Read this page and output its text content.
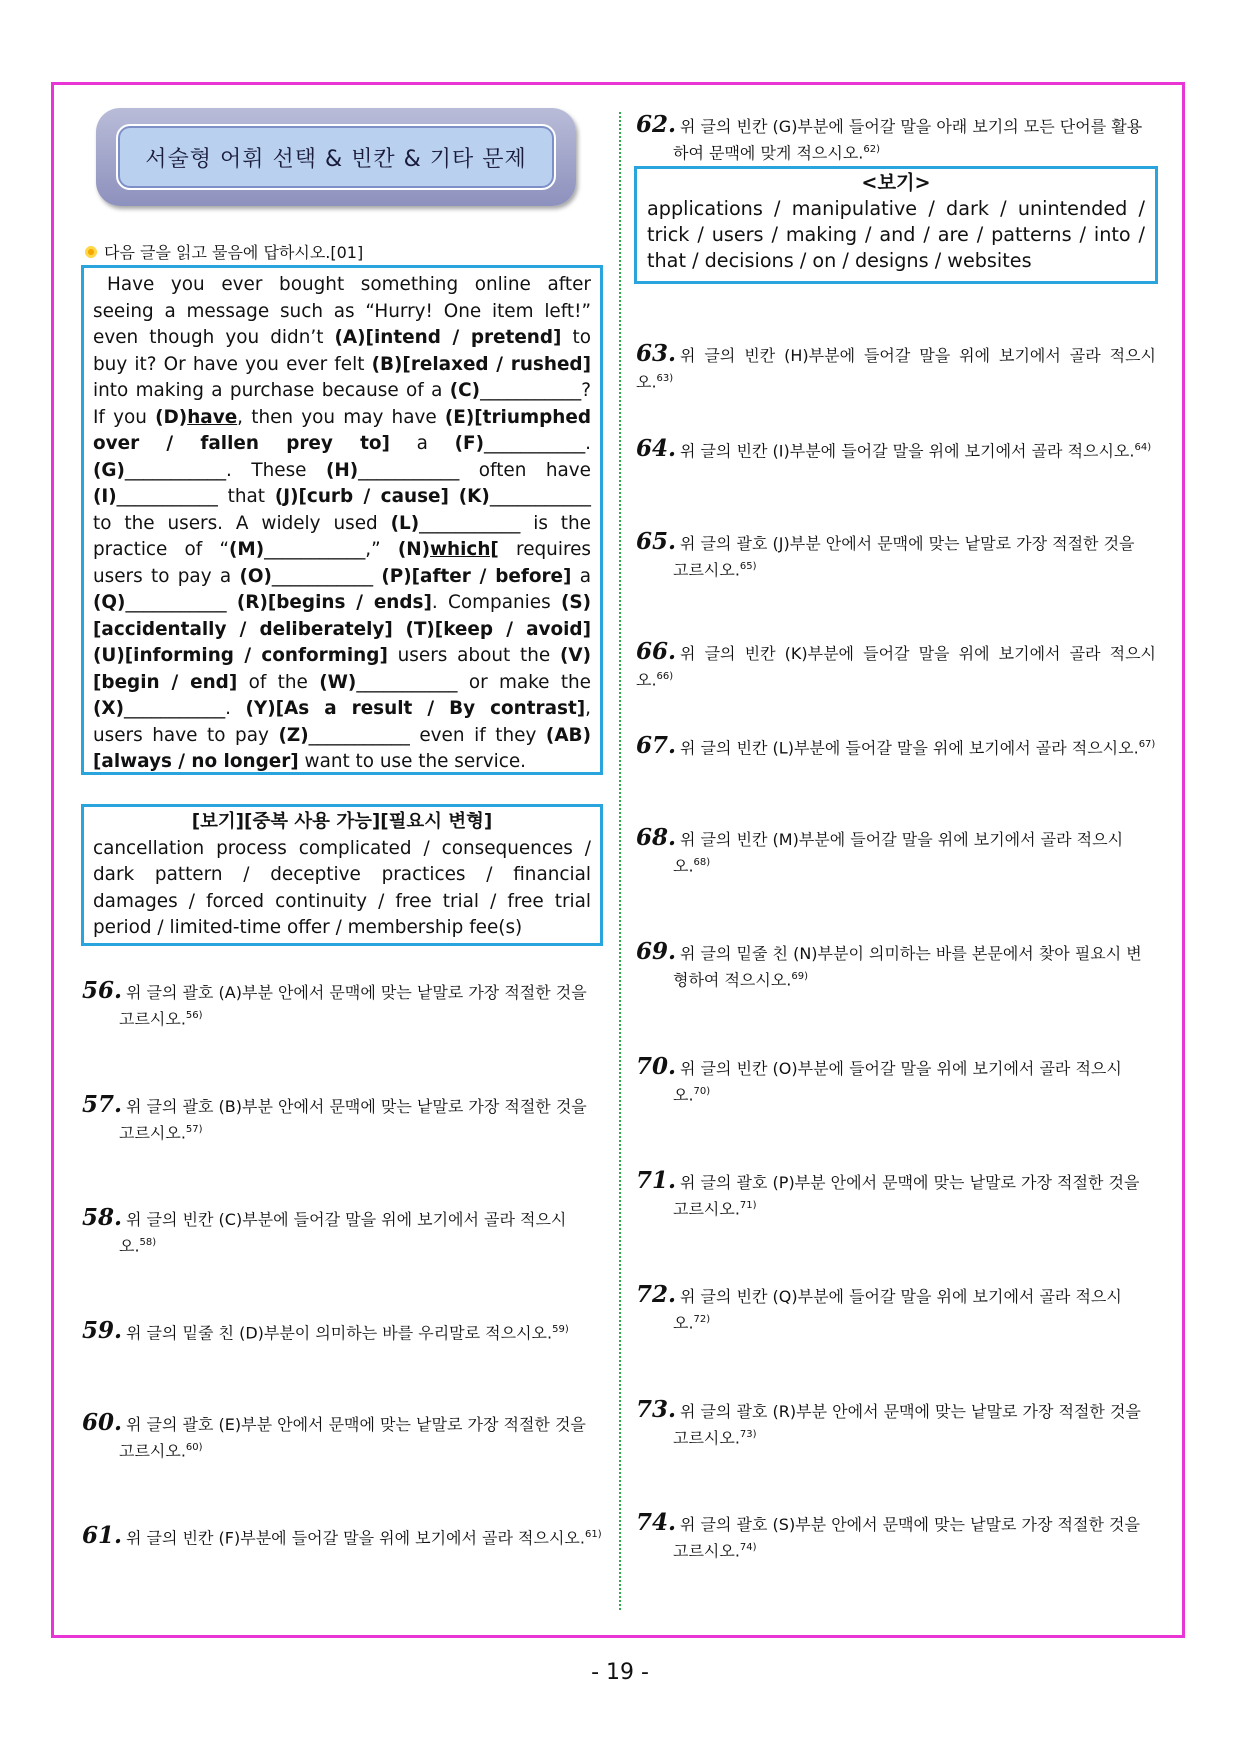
서술형 어휘 선택 & 빈칸 & 기타 문제
다음 글을 읽고 물음에 답하시오.[01]
Have you ever bought something online after seeing a message such as “Hurry! One item left!” even though you didn’t (A)[intend / pretend] to buy it? Or have you ever felt (B)[relaxed / rushed] into making a purchase because of a (C)___________? If you (D)have, then you may have (E)[triumphed over / fallen prey to] a (F)___________. (G)___________. These (H)___________ often have (I)___________ that (J)[curb / cause] (K)___________ to the users. A widely used (L)___________ is the practice of “(M)___________,” (N)which[ requires users to pay a (O)___________ (P)[after / before] a (Q)___________ (R)[begins / ends]. Companies (S)[accidentally / deliberately] (T)[keep / avoid] (U)[informing / conforming] users about the (V)[begin / end] of the (W)___________ or make the (X)___________. (Y)[As a result / By contrast], users have to pay (Z)___________ even if they (AB)[always / no longer] want to use the service.
[보기][중복 사용 가능][필요시 변형]
cancellation process complicated / consequences / dark pattern / deceptive practices / financial damages / forced continuity / free trial / free trial period / limited-time offer / membership fee(s)
<보기>
applications / manipulative / dark / unintended / trick / users / making / and / are / patterns / into / that / decisions / on / designs / websites
56. 위 글의 괄호 (A)부분 안에서 문맥에 맞는 낱말로 가장 적절한 것을
고르시오.$^{56)}$
57. 위 글의 괄호 (B)부분 안에서 문맥에 맞는 낱말로 가장 적절한 것을
고르시오.$^{57)}$
58. 위 글의 빈칸 (C)부분에 들어갈 말을 위에 보기에서 골라 적으시
오.$^{58)}$
59. 위 글의 밑줄 친 (D)부분이 의미하는 바를 우리말로 적으시오.$^{59)}$
60. 위 글의 괄호 (E)부분 안에서 문맥에 맞는 낱말로 가장 적절한 것을
고르시오.$^{60)}$
61. 위 글의 빈칸 (F)부분에 들어갈 말을 위에 보기에서 골라 적으시오.$^{61)}$
62. 위 글의 빈칸 (G)부분에 들어갈 말을 아래 보기의 모든 단어를 활용
하여 문맥에 맞게 적으시오.$^{62)}$
63. 위 글의 빈칸 (H)부분에 들어갈 말을 위에 보기에서 골라 적으시오.$^{63)}$
64. 위 글의 빈칸 (I)부분에 들어갈 말을 위에 보기에서 골라 적으시오.$^{64)}$
65. 위 글의 괄호 (J)부분 안에서 문맥에 맞는 낱말로 가장 적절한 것을
고르시오.$^{65)}$
66. 위 글의 빈칸 (K)부분에 들어갈 말을 위에 보기에서 골라 적으시오.$^{66)}$
67. 위 글의 빈칸 (L)부분에 들어갈 말을 위에 보기에서 골라 적으시오.$^{67)}$
68. 위 글의 빈칸 (M)부분에 들어갈 말을 위에 보기에서 골라 적으시
오.$^{68)}$
69. 위 글의 밑줄 친 (N)부분이 의미하는 바를 본문에서 찾아 필요시 변
형하여 적으시오.$^{69)}$
70. 위 글의 빈칸 (O)부분에 들어갈 말을 위에 보기에서 골라 적으시
오.$^{70)}$
71. 위 글의 괄호 (P)부분 안에서 문맥에 맞는 낱말로 가장 적절한 것을
고르시오.$^{71)}$
72. 위 글의 빈칸 (Q)부분에 들어갈 말을 위에 보기에서 골라 적으시
오.$^{72)}$
73. 위 글의 괄호 (R)부분 안에서 문맥에 맞는 낱말로 가장 적절한 것을
고르시오.$^{73)}$
74. 위 글의 괄호 (S)부분 안에서 문맥에 맞는 낱말로 가장 적절한 것을
고르시오.$^{74)}$
- 19 -
